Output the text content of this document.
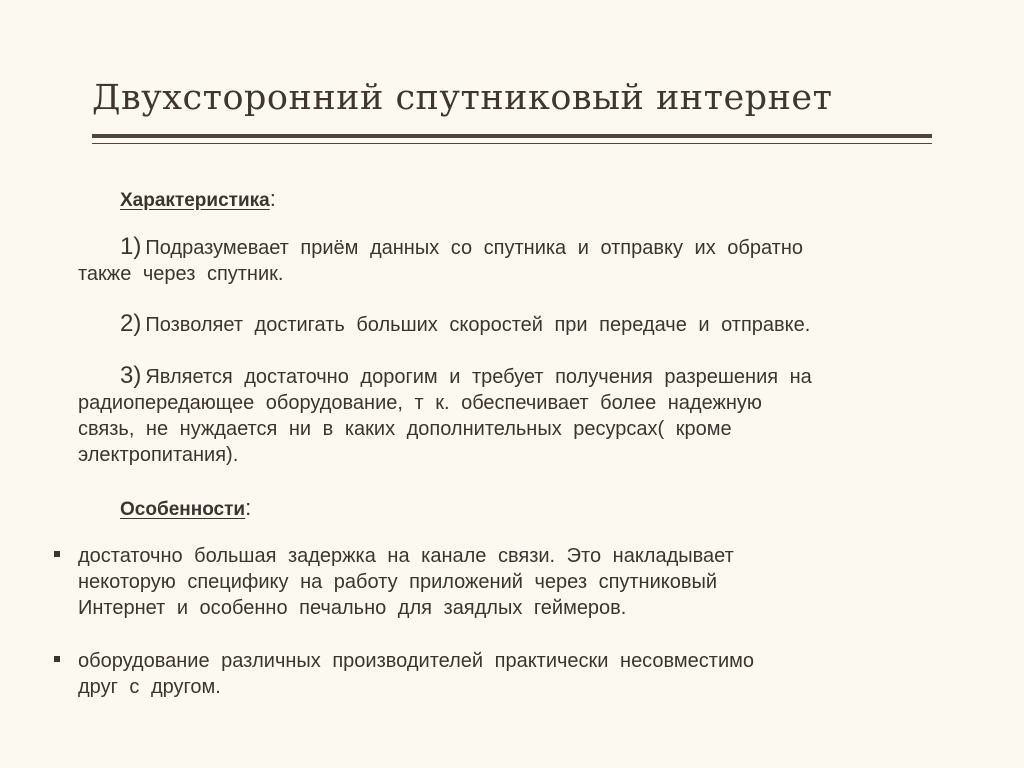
Двухсторонний спутниковый интернет
Характеристика:
1) Подразумевает приём данных со спутника и отправку их обратно
также через спутник.
2) Позволяет достигать больших скоростей при передаче и отправке.
3) Является достаточно дорогим и требует получения разрешения на
радиопередающее оборудование, т к. обеспечивает более надежную
связь, не нуждается ни в каких дополнительных ресурсах( кроме
электропитания).
Особенности:
достаточно большая задержка на канале связи. Это накладывает
некоторую специфику на работу приложений через спутниковый
Интернет и особенно печально для заядлых геймеров.
оборудование различных производителей практически несовместимо
друг с другом.
